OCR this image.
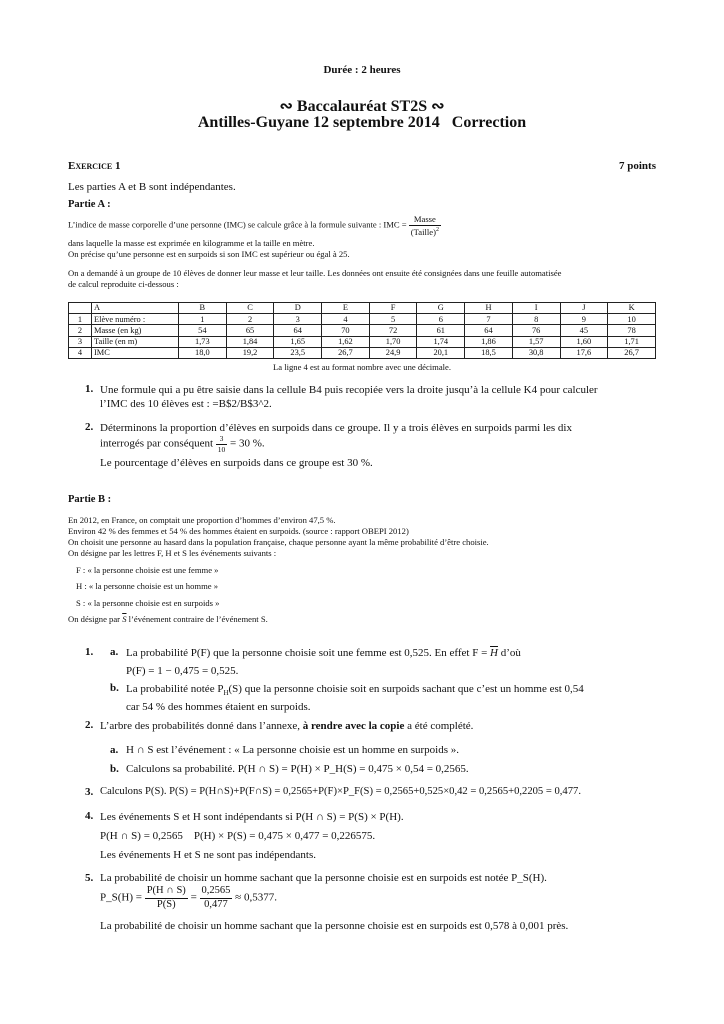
Durée : 2 heures
∾ Baccalauréat ST2S ∾
Antilles-Guyane 12 septembre 2014   Correction
Exercice 1	7 points
Les parties A et B sont indépendantes.
Partie A :
L’indice de masse corporelle d’une personne (IMC) se calcule grâce à la formule suivante : IMC = $\frac{\text{Masse}}{(Taille)^2}$
dans laquelle la masse est exprimée en kilogramme et la taille en mètre.
On précise qu’une personne est en surpoids si son IMC est supérieur ou égal à 25.
On a demandé à un groupe de 10 élèves de donner leur masse et leur taille. Les données ont ensuite été consignées dans une feuille automatisée
de calcul reproduite ci-dessous :
	A	B	C	D	E	F	G	H	I	J	K
1	Elève numéro :	1	2	3	4	5	6	7	8	9	10
2	Masse (en kg)	54	65	64	70	72	61	64	76	45	78
3	Taille (en m)	1,73	1,84	1,65	1,62	1,70	1,74	1,86	1,57	1,60	1,71
4	IMC	18,0	19,2	23,5	26,7	24,9	20,1	18,5	30,8	17,6	26,7
La ligne 4 est au format nombre avec une décimale.
1. Une formule qui a pu être saisie dans la cellule B4 puis recopiée vers la droite jusqu’à la cellule K4 pour calculer
l’IMC des 10 élèves est : =B$2/B$3^2.
2. Déterminons la proportion d’élèves en surpoids dans ce groupe. Il y a trois élèves en surpoids parmi les dix
interrogés par conséquent $\frac{3}{10} = 30$ %.
Le pourcentage d’élèves en surpoids dans ce groupe est 30 %.
Partie B :
En 2012, en France, on comptait une proportion d’hommes d’environ 47,5 %.
Environ 42 % des femmes et 54 % des hommes étaient en surpoids. (source : rapport OBEPI 2012)
On choisit une personne au hasard dans la population française, chaque personne ayant la même probabilité d’être choisie.
On désigne par les lettres F, H et S les événements suivants :
F : « la personne choisie est une femme »
H : « la personne choisie est un homme »
S : « la personne choisie est en surpoids »
On désigne par $\overline{S}$ l’événement contraire de l’événement S.
1. a. La probabilité P(F) que la personne choisie soit une femme est 0,525. En effet $F = \overline{H}$ d’où
P(F) = 1 − 0,475 = 0,525.
b. La probabilité notée $P_H(S)$ que la personne choisie soit en surpoids sachant que c’est un homme est 0,54
car 54 % des hommes étaient en surpoids.
2. L’arbre des probabilités donné dans l’annexe, à rendre avec la copie a été complété.
a. H ∩ S est l’événement : « La personne choisie est un homme en surpoids ».
b. Calculons sa probabilité. P(H ∩ S) = P(H) × P_H(S) = 0,475 × 0,54 = 0,2565.
3. Calculons P(S). P(S) = P(H∩S)+P(F∩S) = 0,2565+P(F)×P_F(S) = 0,2565+0,525×0,42 = 0,2565+0,2205 = 0,477.
4. Les événements S et H sont indépendants si P(H ∩ S) = P(S) × P(H).
P(H ∩ S) = 0,2565    P(H) × P(S) = 0,475 × 0,477 = 0,226575.
Les événements H et S ne sont pas indépendants.
5. La probabilité de choisir un homme sachant que la personne choisie est en surpoids est notée P_S(H).
P_S(H) = $\frac{P(H \cap S)}{P(S)} = \frac{0,2565}{0,477} \approx 0,5377$.
La probabilité de choisir un homme sachant que la personne choisie est en surpoids est 0,578 à 0,001 près.
